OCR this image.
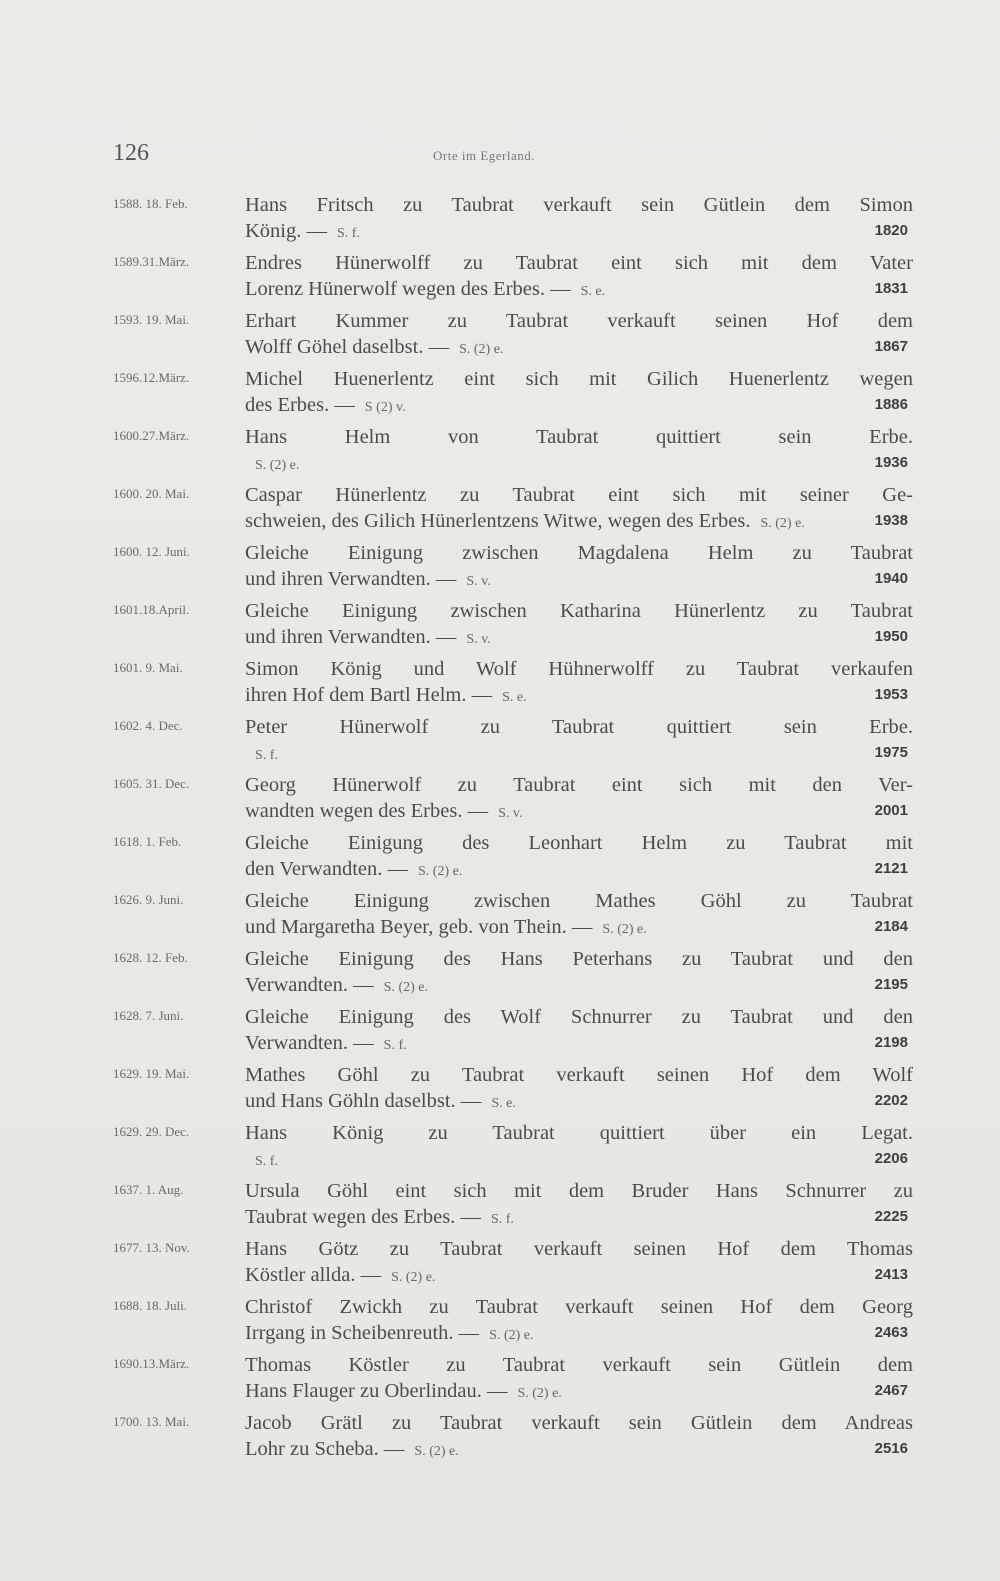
126	Orte im Egerland.
1588. 18. Feb.	Hans Fritsch zu Taubrat verkauft sein Gütlein dem Simon
König. — S. f.	1820
1589.31.März.	Endres Hünerwolff zu Taubrat eint sich mit dem Vater
Lorenz Hünerwolf wegen des Erbes. — S. e.	1831
1593. 19. Mai.	Erhart Kummer zu Taubrat verkauft seinen Hof dem
Wolff Göhel daselbst. — S. (2) e.	1867
1596.12.März.	Michel Huenerlentz eint sich mit Gilich Huenerlentz wegen
des Erbes. — S (2) v.	1886
1600.27.März.	Hans Helm von Taubrat quittiert sein Erbe.
S. (2) e.	1936
1600. 20. Mai.	Caspar Hünerlentz zu Taubrat eint sich mit seiner Ge-
schweien, des Gilich Hünerlentzens Witwe, wegen des Erbes. S. (2) e.	1938
1600. 12. Juni.	Gleiche Einigung zwischen Magdalena Helm zu Taubrat
und ihren Verwandten. — S. v.	1940
1601.18.April.	Gleiche Einigung zwischen Katharina Hünerlentz zu Taubrat
und ihren Verwandten. — S. v.	1950
1601. 9. Mai.	Simon König und Wolf Hühnerwolff zu Taubrat verkaufen
ihren Hof dem Bartl Helm. — S. e.	1953
1602. 4. Dec.	Peter Hünerwolf zu Taubrat quittiert sein Erbe.
S. f.	1975
1605. 31. Dec.	Georg Hünerwolf zu Taubrat eint sich mit den Ver-
wandten wegen des Erbes. — S. v.	2001
1618. 1. Feb.	Gleiche Einigung des Leonhart Helm zu Taubrat mit
den Verwandten. — S. (2) e.	2121
1626. 9. Juni.	Gleiche Einigung zwischen Mathes Göhl zu Taubrat
und Margaretha Beyer, geb. von Thein. — S. (2) e.	2184
1628. 12. Feb.	Gleiche Einigung des Hans Peterhans zu Taubrat und den
Verwandten. — S. (2) e.	2195
1628. 7. Juni.	Gleiche Einigung des Wolf Schnurrer zu Taubrat und den
Verwandten. — S. f.	2198
1629. 19. Mai.	Mathes Göhl zu Taubrat verkauft seinen Hof dem Wolf
und Hans Göhln daselbst. — S. e.	2202
1629. 29. Dec.	Hans König zu Taubrat quittiert über ein Legat.
S. f.	2206
1637. 1. Aug.	Ursula Göhl eint sich mit dem Bruder Hans Schnurrer zu
Taubrat wegen des Erbes. — S. f.	2225
1677. 13. Nov.	Hans Götz zu Taubrat verkauft seinen Hof dem Thomas
Köstler allda. — S. (2) e.	2413
1688. 18. Juli.	Christof Zwickh zu Taubrat verkauft seinen Hof dem Georg
Irrgang in Scheibenreuth. — S. (2) e.	2463
1690.13.März.	Thomas Köstler zu Taubrat verkauft sein Gütlein dem
Hans Flauger zu Oberlindau. — S. (2) e.	2467
1700. 13. Mai.	Jacob Grätl zu Taubrat verkauft sein Gütlein dem Andreas
Lohr zu Scheba. — S. (2) e.	2516
